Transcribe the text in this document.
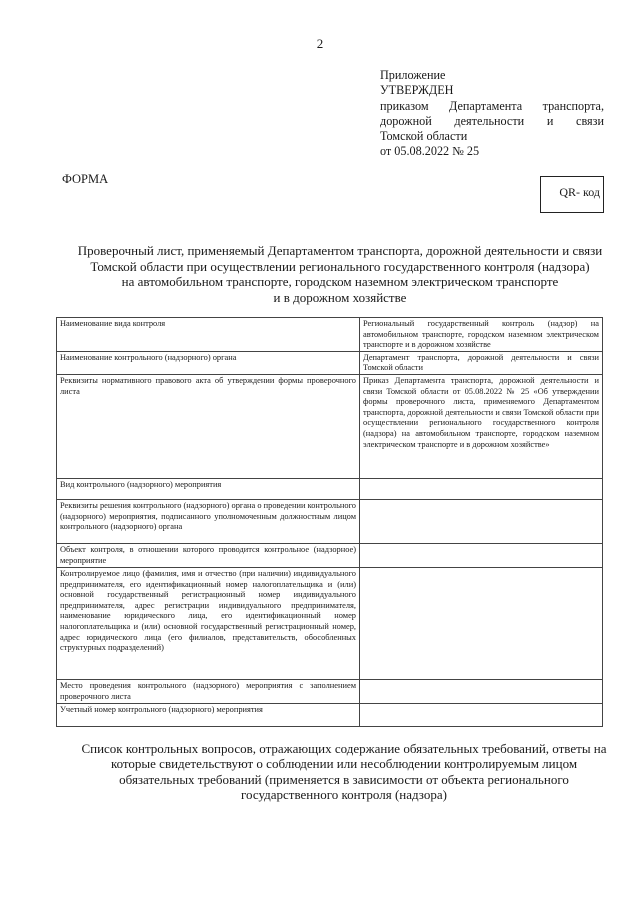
2
Приложение
УТВЕРЖДЕН
приказом Департамента транспорта,
дорожной деятельности и связи
Томской области
от 05.08.2022 № 25
ФОРМА
QR- код
Проверочный лист, применяемый Департаментом транспорта, дорожной деятельности и связи
Томской области при осуществлении регионального государственного контроля (надзора)
на автомобильном транспорте, городском наземном электрическом транспорте
и в дорожном хозяйстве
Наименование вида контроля	Региональный государственный контроль (надзор) на автомобильном транспорте, городском наземном электрическом транспорте и в дорожном хозяйстве
Наименование контрольного (надзорного) органа	Департамент транспорта, дорожной деятельности и связи Томской области
Реквизиты нормативного правового акта об утверждении формы проверочного листа	Приказ Департамента транспорта, дорожной деятельности и связи Томской области от 05.08.2022 № 25 «Об утверждении формы проверочного листа, применяемого Департаментом транспорта, дорожной деятельности и связи Томской области при осуществлении регионального государственного контроля (надзора) на автомобильном транспорте, городском наземном электрическом транспорте и в дорожном хозяйстве»
Вид контрольного (надзорного) мероприятия	
Реквизиты решения контрольного (надзорного) органа о проведении контрольного (надзорного) мероприятия, подписанного уполномоченным должностным лицом контрольного (надзорного) органа	
Объект контроля, в отношении которого проводится контрольное (надзорное) мероприятие	
Контролируемое лицо (фамилия, имя и отчество (при наличии) индивидуального предпринимателя, его идентификационный номер налогоплательщика и (или) основной государственный регистрационный номер индивидуального предпринимателя, адрес регистрации индивидуального предпринимателя, наименование юридического лица, его идентификационный номер налогоплательщика и (или) основной государственный регистрационный номер, адрес юридического лица (его филиалов, представительств, обособленных структурных подразделений)	
Место проведения контрольного (надзорного) мероприятия с заполнением проверочного листа	
Учетный номер контрольного (надзорного) мероприятия	
Список контрольных вопросов, отражающих содержание обязательных требований, ответы на
которые свидетельствуют о соблюдении или несоблюдении контролируемым лицом
обязательных требований (применяется в зависимости от объекта регионального
государственного контроля (надзора)
